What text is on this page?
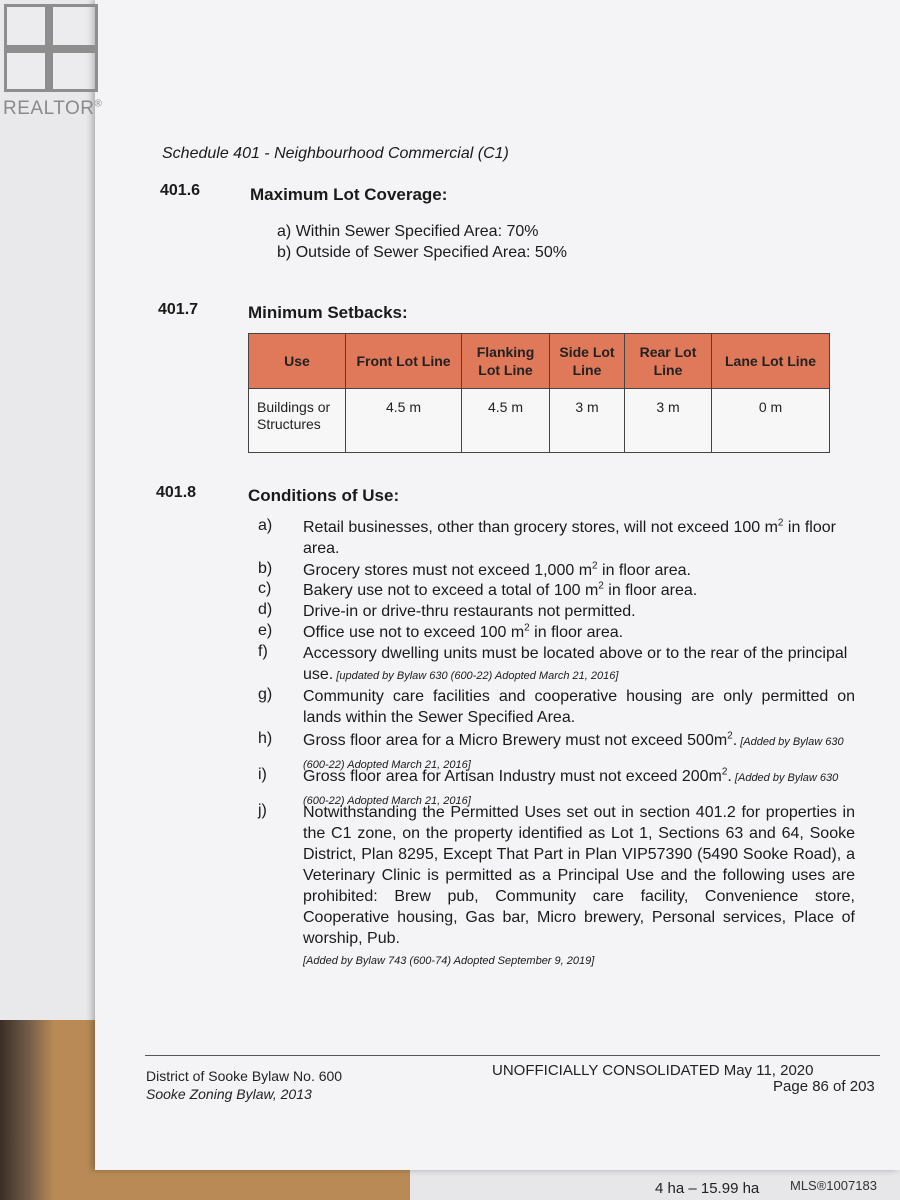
4 ha – 15.99 ha
REALTOR®
Schedule 401 - Neighbourhood Commercial (C1)
401.6	Maximum Lot Coverage:
a) Within Sewer Specified Area: 70%
b) Outside of Sewer Specified Area: 50%
401.7	Minimum Setbacks:
Use	Front Lot Line	Flanking Lot Line	Side Lot Line	Rear Lot Line	Lane Lot Line
Buildings or Structures	4.5 m	4.5 m	3 m	3 m	0 m
401.8	Conditions of Use:
a)	Retail businesses, other than grocery stores, will not exceed 100 $m^2$ in floor area.
b)	Grocery stores must not exceed 1,000 $m^2$ in floor area.
c)	Bakery use not to exceed a total of 100 $m^2$ in floor area.
d)	Drive-in or drive-thru restaurants not permitted.
e)	Office use not to exceed 100 $m^2$ in floor area.
f)	Accessory dwelling units must be located above or to the rear of the principal use. [updated by Bylaw 630 (600-22) Adopted March 21, 2016]
g)	Community care facilities and cooperative housing are only permitted on lands within the Sewer Specified Area.
h)	Gross floor area for a Micro Brewery must not exceed $500m^2$. [Added by Bylaw 630 (600-22) Adopted March 21, 2016]
i)	Gross floor area for Artisan Industry must not exceed $200m^2$. [Added by Bylaw 630 (600-22) Adopted March 21, 2016]
j)	Notwithstanding the Permitted Uses set out in section 401.2 for properties in the C1 zone, on the property identified as Lot 1, Sections 63 and 64, Sooke District, Plan 8295, Except That Part in Plan VIP57390 (5490 Sooke Road), a Veterinary Clinic is permitted as a Principal Use and the following uses are prohibited: Brew pub, Community care facility, Convenience store, Cooperative housing, Gas bar, Micro brewery, Personal services, Place of worship, Pub.
[Added by Bylaw 743 (600-74) Adopted September 9, 2019]
District of Sooke Bylaw No. 600
Sooke Zoning Bylaw, 2013
UNOFFICIALLY CONSOLIDATED May 11, 2020
Page 86 of 203
MLS®1007183
